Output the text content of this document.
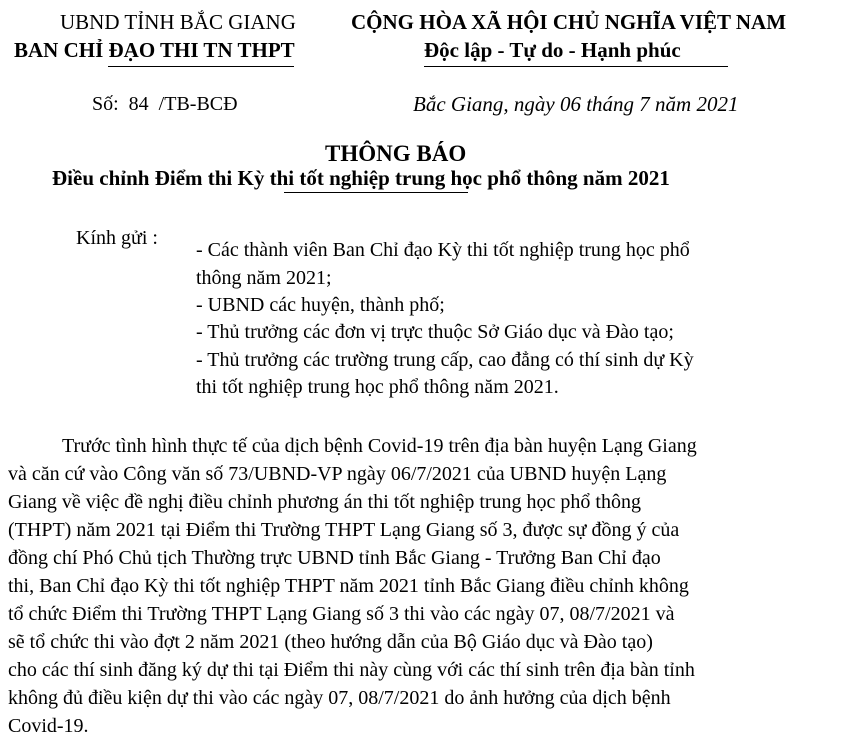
UBND TỈNH BẮC GIANG
BAN CHỈ ĐẠO THI TN THPT
CỘNG HÒA XÃ HỘI CHỦ NGHĨA VIỆT NAM
Độc lập - Tự do - Hạnh phúc
Số:  84  /TB-BCĐ	Bắc Giang, ngày 06 tháng 7 năm 2021
THÔNG BÁO
Điều chỉnh Điểm thi Kỳ thi tốt nghiệp trung học phổ thông năm 2021
Kính gửi :
- Các thành viên Ban Chỉ đạo Kỳ thi tốt nghiệp trung học phổ
thông năm 2021;
- UBND các huyện, thành phố;
- Thủ trưởng các đơn vị trực thuộc Sở Giáo dục và Đào tạo;
- Thủ trưởng các trường trung cấp, cao đẳng có thí sinh dự Kỳ
thi tốt nghiệp trung học phổ thông năm 2021.
Trước tình hình thực tế của dịch bệnh Covid-19 trên địa bàn huyện Lạng Giang
và căn cứ vào Công văn số 73/UBND-VP ngày 06/7/2021 của UBND huyện Lạng
Giang về việc đề nghị điều chỉnh phương án thi tốt nghiệp trung học phổ thông
(THPT) năm 2021 tại Điểm thi Trường THPT Lạng Giang số 3, được sự đồng ý của
đồng chí Phó Chủ tịch Thường trực UBND tỉnh Bắc Giang - Trưởng Ban Chỉ đạo
thi, Ban Chỉ đạo Kỳ thi tốt nghiệp THPT năm 2021 tỉnh Bắc Giang điều chỉnh không
tổ chức Điểm thi Trường THPT Lạng Giang số 3 thi vào các ngày 07, 08/7/2021 và
sẽ tổ chức thi vào đợt 2 năm 2021 (theo hướng dẫn của Bộ Giáo dục và Đào tạo)
cho các thí sinh đăng ký dự thi tại Điểm thi này cùng với các thí sinh trên địa bàn tỉnh
không đủ điều kiện dự thi vào các ngày 07, 08/7/2021 do ảnh hưởng của dịch bệnh
Covid-19.
